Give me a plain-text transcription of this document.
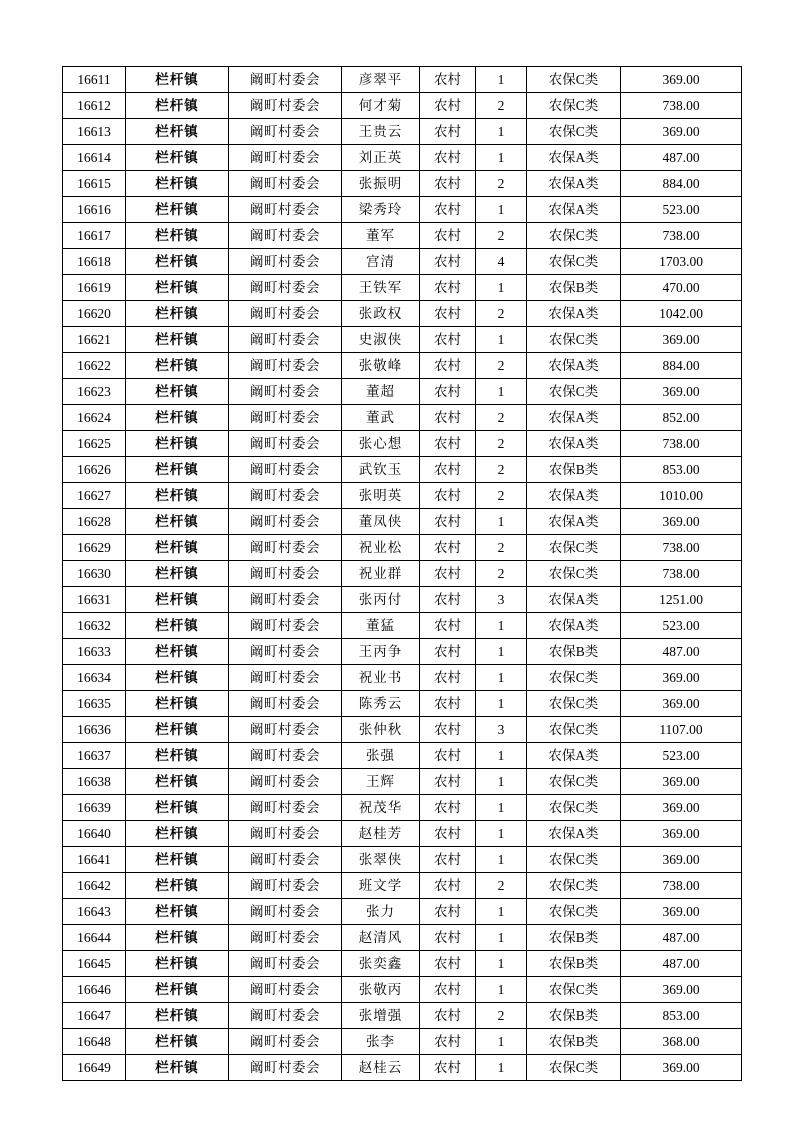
16611	栏杆镇	阚町村委会	彦翠平	农村	1	农保C类	369.00
16612	栏杆镇	阚町村委会	何才菊	农村	2	农保C类	738.00
16613	栏杆镇	阚町村委会	王贵云	农村	1	农保C类	369.00
16614	栏杆镇	阚町村委会	刘正英	农村	1	农保A类	487.00
16615	栏杆镇	阚町村委会	张振明	农村	2	农保A类	884.00
16616	栏杆镇	阚町村委会	梁秀玲	农村	1	农保A类	523.00
16617	栏杆镇	阚町村委会	董军	农村	2	农保C类	738.00
16618	栏杆镇	阚町村委会	宫清	农村	4	农保C类	1703.00
16619	栏杆镇	阚町村委会	王铁军	农村	1	农保B类	470.00
16620	栏杆镇	阚町村委会	张政权	农村	2	农保A类	1042.00
16621	栏杆镇	阚町村委会	史淑侠	农村	1	农保C类	369.00
16622	栏杆镇	阚町村委会	张敬峰	农村	2	农保A类	884.00
16623	栏杆镇	阚町村委会	董超	农村	1	农保C类	369.00
16624	栏杆镇	阚町村委会	董武	农村	2	农保A类	852.00
16625	栏杆镇	阚町村委会	张心想	农村	2	农保A类	738.00
16626	栏杆镇	阚町村委会	武钦玉	农村	2	农保B类	853.00
16627	栏杆镇	阚町村委会	张明英	农村	2	农保A类	1010.00
16628	栏杆镇	阚町村委会	董凤侠	农村	1	农保A类	369.00
16629	栏杆镇	阚町村委会	祝业松	农村	2	农保C类	738.00
16630	栏杆镇	阚町村委会	祝业群	农村	2	农保C类	738.00
16631	栏杆镇	阚町村委会	张丙付	农村	3	农保A类	1251.00
16632	栏杆镇	阚町村委会	董猛	农村	1	农保A类	523.00
16633	栏杆镇	阚町村委会	王丙争	农村	1	农保B类	487.00
16634	栏杆镇	阚町村委会	祝业书	农村	1	农保C类	369.00
16635	栏杆镇	阚町村委会	陈秀云	农村	1	农保C类	369.00
16636	栏杆镇	阚町村委会	张仲秋	农村	3	农保C类	1107.00
16637	栏杆镇	阚町村委会	张强	农村	1	农保A类	523.00
16638	栏杆镇	阚町村委会	王辉	农村	1	农保C类	369.00
16639	栏杆镇	阚町村委会	祝茂华	农村	1	农保C类	369.00
16640	栏杆镇	阚町村委会	赵桂芳	农村	1	农保A类	369.00
16641	栏杆镇	阚町村委会	张翠侠	农村	1	农保C类	369.00
16642	栏杆镇	阚町村委会	班文学	农村	2	农保C类	738.00
16643	栏杆镇	阚町村委会	张力	农村	1	农保C类	369.00
16644	栏杆镇	阚町村委会	赵清风	农村	1	农保B类	487.00
16645	栏杆镇	阚町村委会	张奕鑫	农村	1	农保B类	487.00
16646	栏杆镇	阚町村委会	张敬丙	农村	1	农保C类	369.00
16647	栏杆镇	阚町村委会	张增强	农村	2	农保B类	853.00
16648	栏杆镇	阚町村委会	张李	农村	1	农保B类	368.00
16649	栏杆镇	阚町村委会	赵桂云	农村	1	农保C类	369.00
